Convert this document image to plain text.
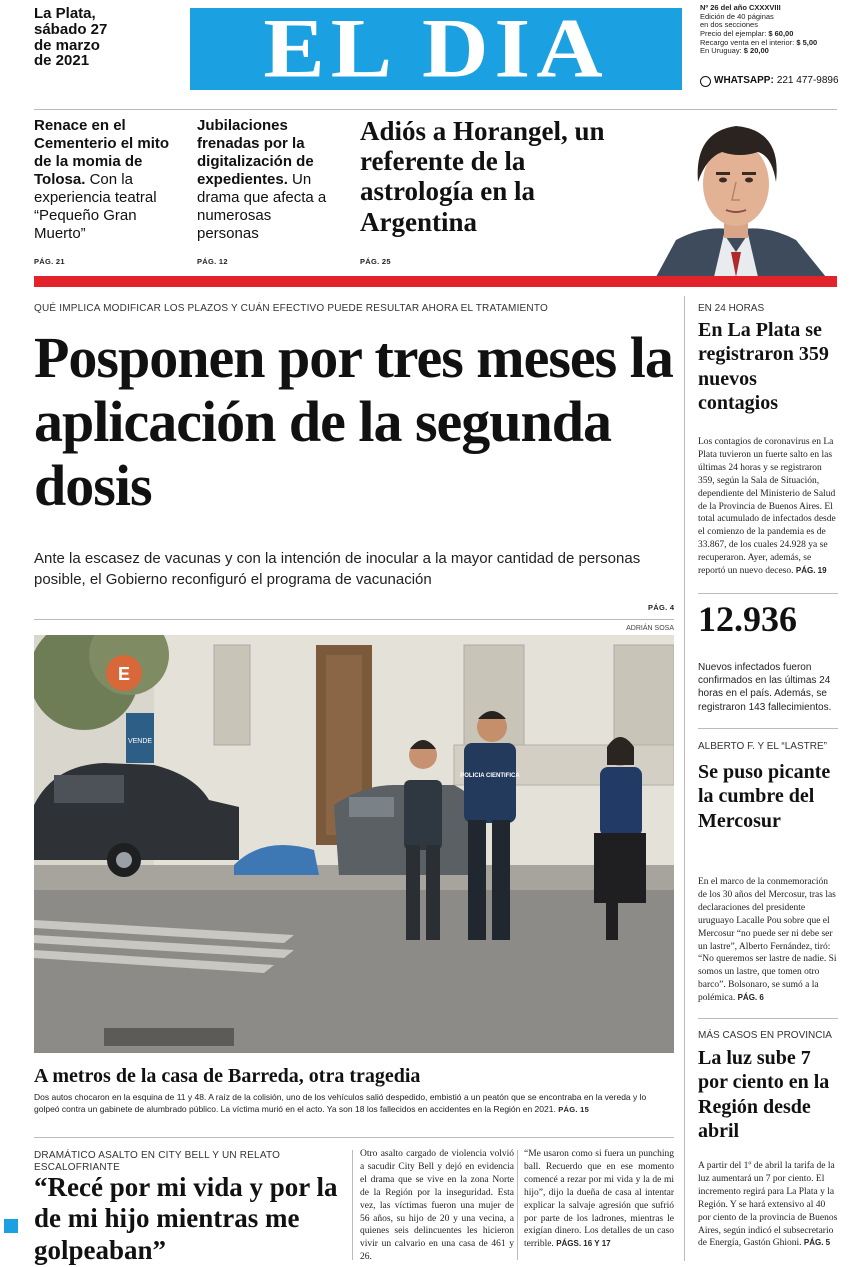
La Plata,
sábado 27
de marzo
de 2021	EL DIA	Nº 26 del año CXXXVIII
Edición de 40 páginas
en dos secciones
Precio del ejemplar: $ 60,00
Recargo venta en el interior: $ 5,00
En Uruguay: $ 20,00
WHATSAPP: 221 477-9896
Renace en el Cementerio el mito de la momia de Tolosa. Con la experiencia teatral “Pequeño Gran Muerto”
PÁG. 21
Jubilaciones frenadas por la digitalización de expedientes. Un drama que afecta a numerosas personas
PÁG. 12
Adiós a Horangel, un referente de la astrología en la Argentina
PÁG. 25
QUÉ IMPLICA MODIFICAR LOS PLAZOS Y CUÁN EFECTIVO PUEDE RESULTAR AHORA EL TRATAMIENTO
Posponen por tres meses la aplicación de la segunda dosis
Ante la escasez de vacunas y con la intención de inocular a la mayor cantidad de personas posible, el Gobierno reconfiguró el programa de vacunación
PÁG. 4
ADRIÁN SOSA
E
VENDE
POLICIA CIENTIFICA
A metros de la casa de Barreda, otra tragedia
Dos autos chocaron en la esquina de 11 y 48. A raíz de la colisión, uno de los vehículos salió despedido, embistió a un peatón que se encontraba en la vereda y lo golpeó contra un gabinete de alumbrado público. La víctima murió en el acto. Ya son 18 los fallecidos en accidentes en la Región en 2021. PÁG. 15
DRAMÁTICO ASALTO EN CITY BELL Y UN RELATO ESCALOFRIANTE
“Recé por mi vida y por la de mi hijo mientras me golpeaban”
Otro asalto cargado de violencia volvió a sacudir City Bell y dejó en evidencia el drama que se vive en la zona Norte de la Región por la inseguridad. Esta vez, las víctimas fueron una mujer de 56 años, su hijo de 20 y una vecina, a quienes seis delincuentes les hicieron vivir un calvario en una casa de 461 y 26.
“Me usaron como si fuera un punching ball. Recuerdo que en ese momento comencé a rezar por mi vida y la de mi hijo”, dijo la dueña de casa al intentar explicar la salvaje agresión que sufrió por parte de los ladrones, mientras le exigían dinero. Los detalles de un caso terrible. PÁGS. 16 Y 17
EN 24 HORAS
En La Plata se registraron 359 nuevos contagios
Los contagios de coronavirus en La Plata tuvieron un fuerte salto en las últimas 24 horas y se registraron 359, según la Sala de Situación, dependiente del Ministerio de Salud de la Provincia de Buenos Aires. El total acumulado de infectados desde el comienzo de la pandemia es de 33.867, de los cuales 24.928 ya se recuperaron. Ayer, además, se reportó un nuevo deceso. PÁG. 19
12.936
Nuevos infectados fueron confirmados en las últimas 24 horas en el país. Además, se registraron 143 fallecimientos.
ALBERTO F. Y EL “LASTRE”
Se puso picante la cumbre del Mercosur
En el marco de la conmemoración de los 30 años del Mercosur, tras las declaraciones del presidente uruguayo Lacalle Pou sobre que el Mercosur “no puede ser ni debe ser un lastre”, Alberto Fernández, tiró: “No queremos ser lastre de nadie. Si somos un lastre, que tomen otro barco”. Bolsonaro, se sumó a la polémica. PÁG. 6
MÁS CASOS EN PROVINCIA
La luz sube 7 por ciento en la Región desde abril
A partir del 1º de abril la tarifa de la luz aumentará un 7 por ciento. El incremento regirá para La Plata y la Región. Y se hará extensivo al 40 por ciento de la provincia de Buenos Aires, según indicó el subsecretario de Energía, Gastón Ghioni. PÁG. 5
